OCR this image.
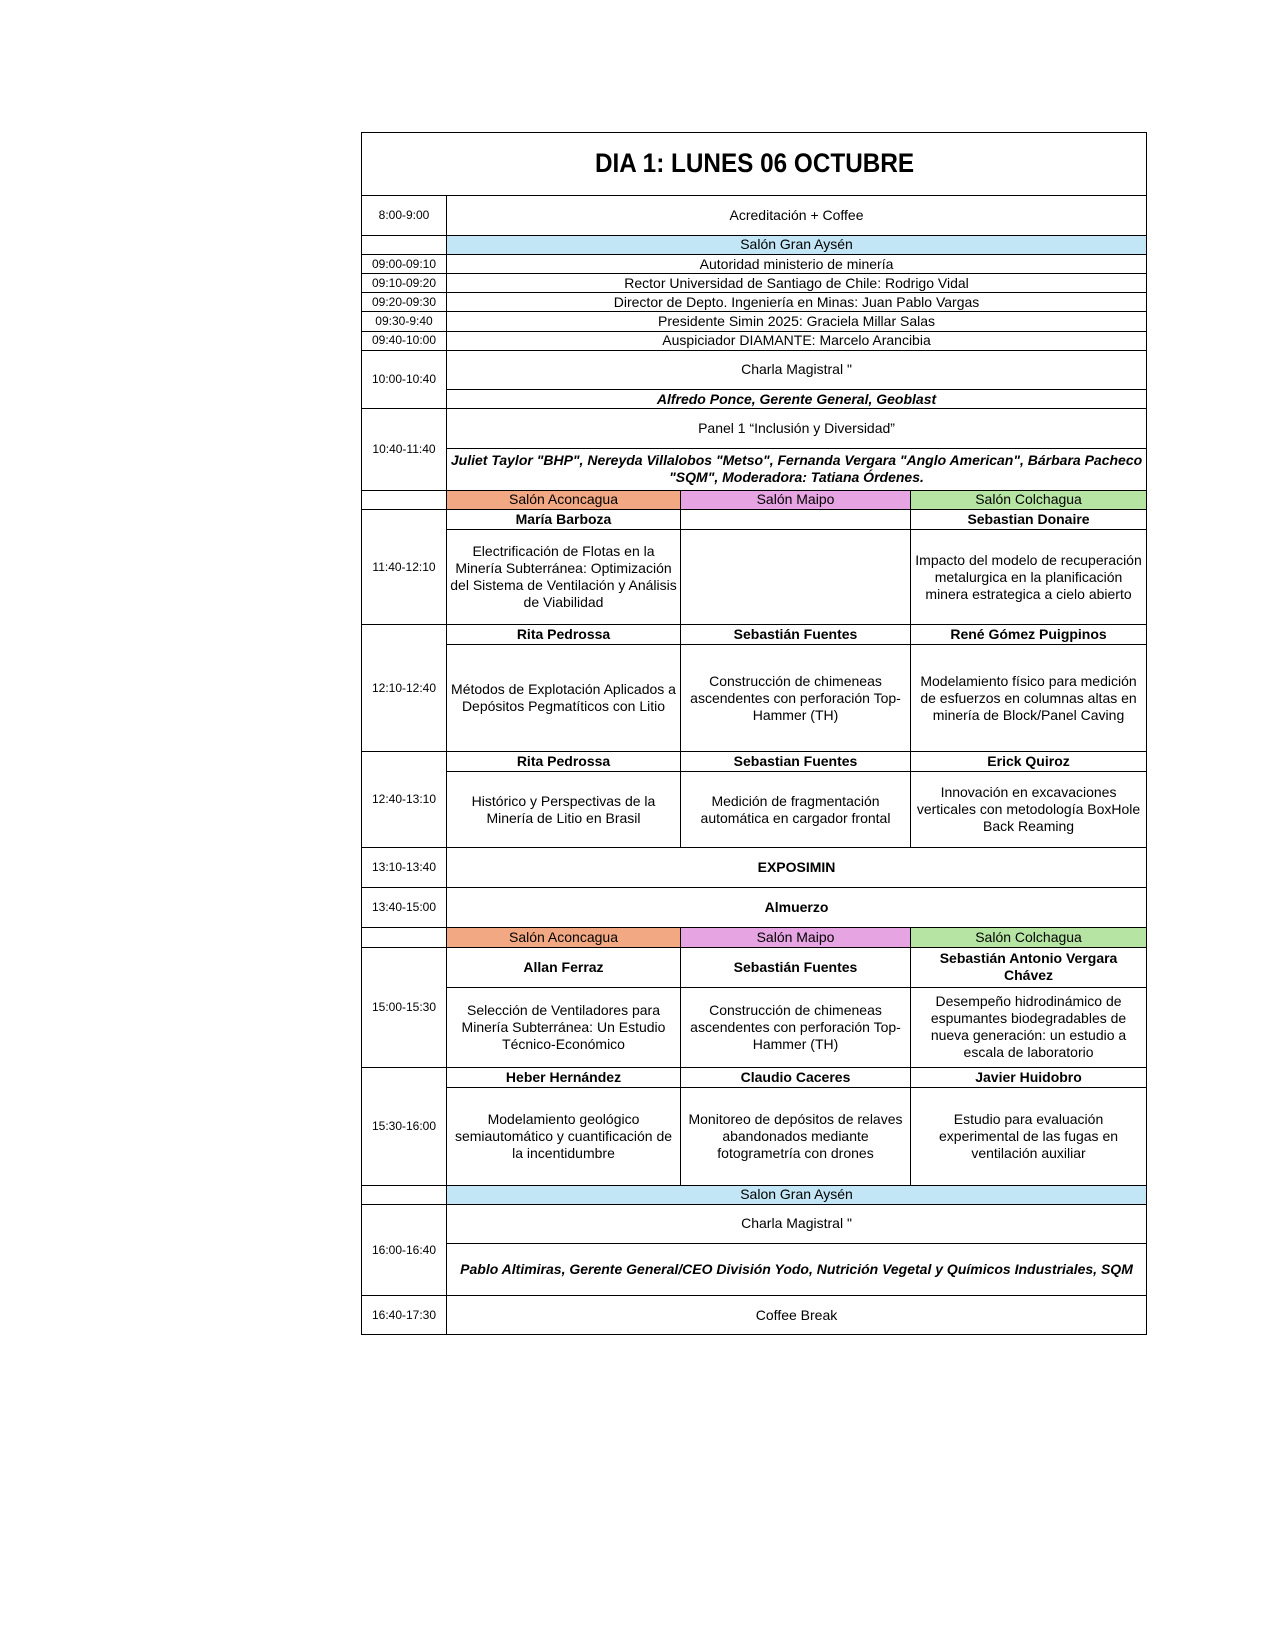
DIA 1: LUNES 06 OCTUBRE			
8:00-9:00	Acreditación + Coffee		
	Salón Gran Aysén		
09:00-09:10	Autoridad ministerio de minería		
09:10-09:20	Rector Universidad de Santiago de Chile: Rodrigo Vidal		
09:20-09:30	Director de Depto. Ingeniería en Minas: Juan Pablo Vargas		
09:30-9:40	Presidente Simin 2025: Graciela Millar Salas		
09:40-10:00	Auspiciador DIAMANTE: Marcelo Arancibia		
10:00-10:40	Charla Magistral "		
	Alfredo Ponce, Gerente General, Geoblast		
10:40-11:40	Panel 1 “Inclusión y Diversidad”		
	Juliet Taylor "BHP", Nereyda Villalobos "Metso", Fernanda Vergara "Anglo American", Bárbara Pacheco "SQM", Moderadora: Tatiana Órdenes.		
	Salón Aconcagua	Salón Maipo	Salón Colchagua
11:40-12:10	María Barboza		Sebastian Donaire
	Electrificación de Flotas en la Minería Subterránea: Optimización del Sistema de Ventilación y Análisis de Viabilidad		Impacto del modelo de recuperación metalurgica en la planificación minera estrategica a cielo abierto
12:10-12:40	Rita Pedrossa	Sebastián Fuentes	René Gómez Puigpinos
	Métodos de Explotación Aplicados a Depósitos Pegmatíticos con Litio	Construcción de chimeneas ascendentes con perforación Top-Hammer (TH)	Modelamiento físico para medición de esfuerzos en columnas altas en minería de Block/Panel Caving
12:40-13:10	Rita Pedrossa	Sebastian Fuentes	Erick Quiroz
	Histórico y Perspectivas de la Minería de Litio en Brasil	Medición de fragmentación automática en cargador frontal	Innovación en excavaciones verticales con metodología BoxHole Back Reaming
13:10-13:40	EXPOSIMIN		
13:40-15:00	Almuerzo		
	Salón Aconcagua	Salón Maipo	Salón Colchagua
15:00-15:30	Allan Ferraz	Sebastián Fuentes	Sebastián Antonio Vergara Chávez
	Selección de Ventiladores para Minería Subterránea: Un Estudio Técnico-Económico	Construcción de chimeneas ascendentes con perforación Top-Hammer (TH)	Desempeño hidrodinámico de espumantes biodegradables de nueva generación: un estudio a escala de laboratorio
15:30-16:00	Heber Hernández	Claudio Caceres	Javier Huidobro
	Modelamiento geológico semiautomático y cuantificación de la incentidumbre	Monitoreo de depósitos de relaves abandonados mediante fotogrametría con drones	Estudio para evaluación experimental de las fugas en ventilación auxiliar
	Salon Gran Aysén		
16:00-16:40	Charla Magistral "		
	Pablo Altimiras, Gerente General/CEO División Yodo, Nutrición Vegetal y Químicos Industriales, SQM		
16:40-17:30	Coffee Break		
